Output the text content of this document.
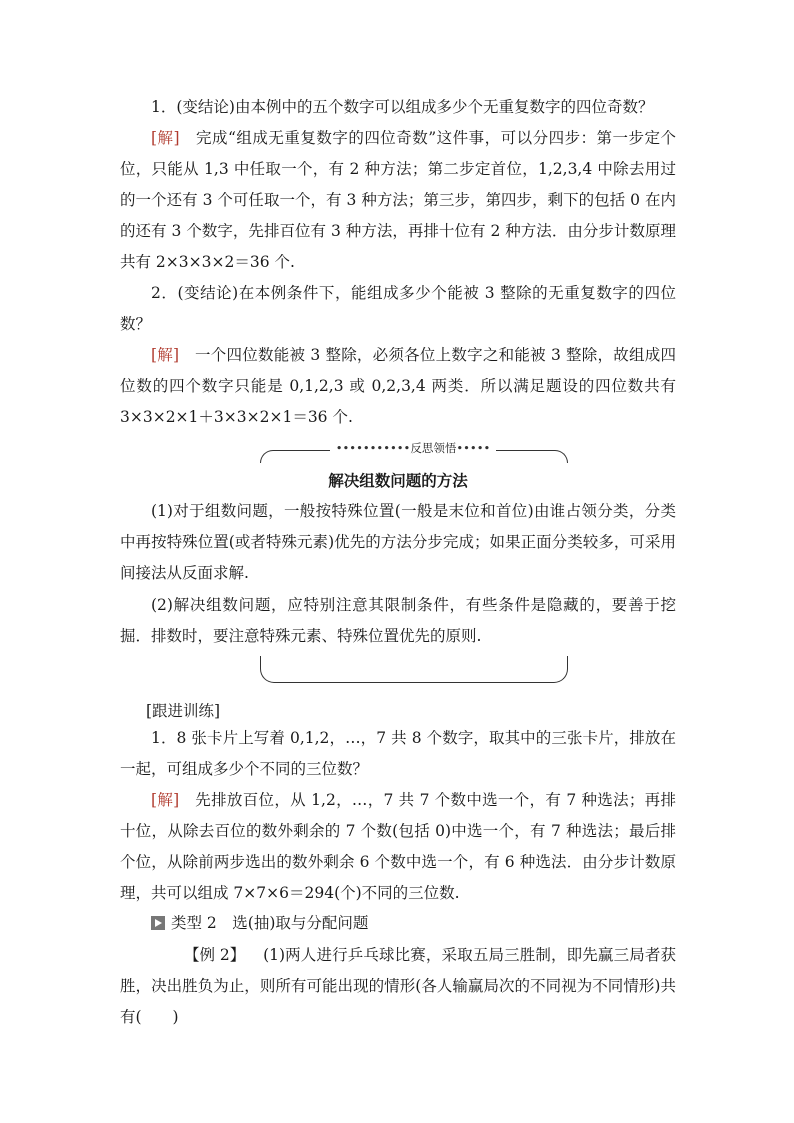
1．(变结论)由本例中的五个数字可以组成多少个无重复数字的四位奇数？

[解]　完成“组成无重复数字的四位奇数”这件事，可以分四步：第一步定个位，只能从 1,3 中任取一个，有 2 种方法；第二步定首位，1,2,3,4 中除去用过的一个还有 3 个可任取一个，有 3 种方法；第三步，第四步，剩下的包括 0 在内的还有 3 个数字，先排百位有 3 种方法，再排十位有 2 种方法．由分步计数原理共有 2×3×3×2＝36 个.

2．(变结论)在本例条件下，能组成多少个能被 3 整除的无重复数字的四位数？

[解]　一个四位数能被 3 整除，必须各位上数字之和能被 3 整除，故组成四位数的四个数字只能是 0,1,2,3 或 0,2,3,4 两类．所以满足题设的四位数共有 3×3×2×1＋3×3×2×1＝36 个.

•••••••••••反思领悟•••••
解决组数问题的方法

(1)对于组数问题，一般按特殊位置(一般是末位和首位)由谁占领分类，分类中再按特殊位置(或者特殊元素)优先的方法分步完成；如果正面分类较多，可采用间接法从反面求解.

(2)解决组数问题，应特别注意其限制条件，有些条件是隐藏的，要善于挖掘．排数时，要注意特殊元素、特殊位置优先的原则.

[跟进训练]

1．8 张卡片上写着 0,1,2，…，7 共 8 个数字，取其中的三张卡片，排放在一起，可组成多少个不同的三位数？

[解]　先排放百位，从 1,2，…，7 共 7 个数中选一个，有 7 种选法；再排十位，从除去百位的数外剩余的 7 个数(包括 0)中选一个，有 7 种选法；最后排个位，从除前两步选出的数外剩余 6 个数中选一个，有 6 种选法．由分步计数原理，共可以组成 7×7×6＝294(个)不同的三位数.

类型 2　选(抽)取与分配问题

【例 2】　(1)两人进行乒乓球比赛，采取五局三胜制，即先赢三局者获胜，决出胜负为止，则所有可能出现的情形(各人输赢局次的不同视为不同情形)共有(　　)
